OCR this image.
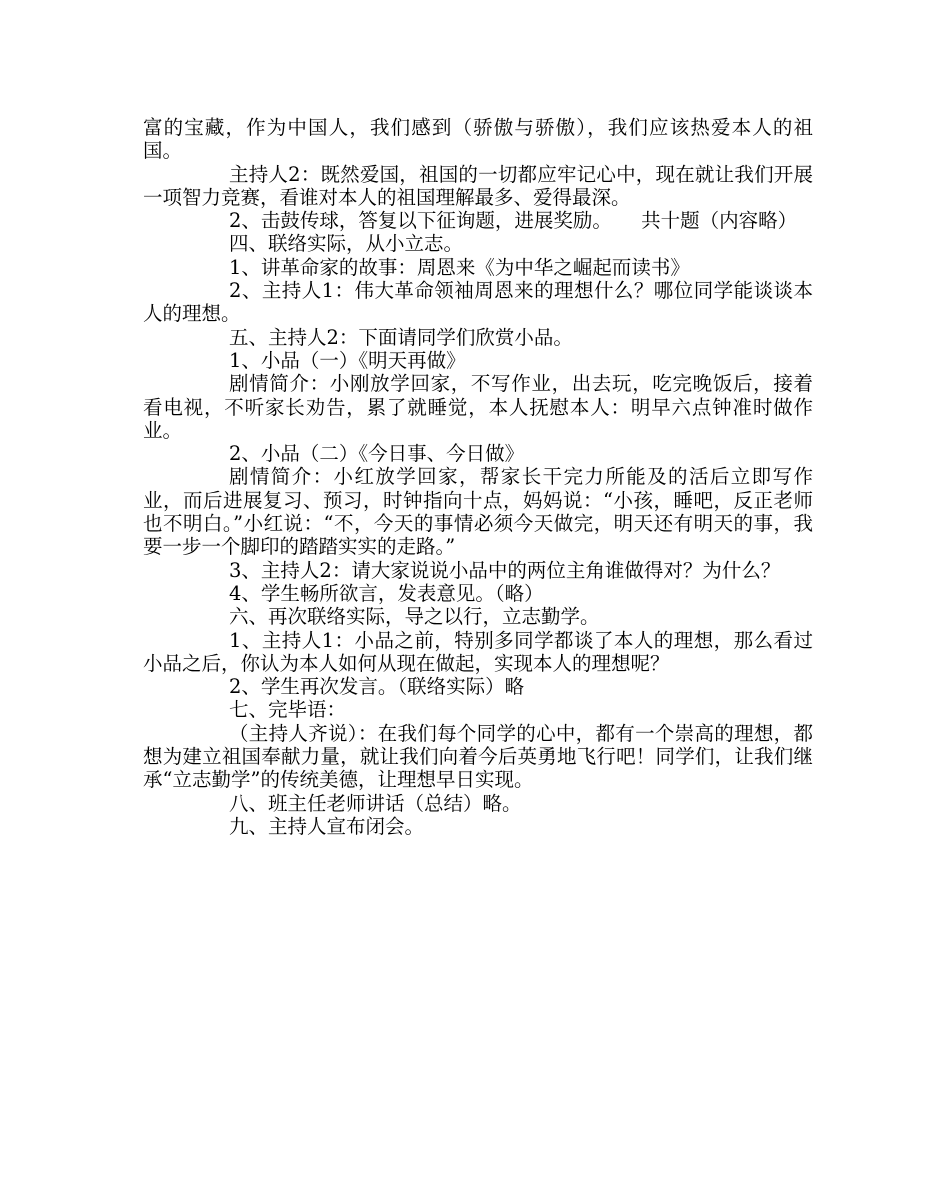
富的宝藏，作为中国人，我们感到（骄傲与骄傲），我们应该热爱本人的祖国。

主持人2：既然爱国，祖国的一切都应牢记心中，现在就让我们开展一项智力竞赛，看谁对本人的祖国理解最多、爱得最深。

2、击鼓传球，答复以下征询题，进展奖励。　　共十题（内容略）

四、联络实际，从小立志。

1、讲革命家的故事：周恩来《为中华之崛起而读书》

2、主持人1：伟大革命领袖周恩来的理想什么？哪位同学能谈谈本人的理想。

五、主持人2：下面请同学们欣赏小品。

1、小品（一）《明天再做》

剧情简介：小刚放学回家，不写作业，出去玩，吃完晚饭后，接着看电视，不听家长劝告，累了就睡觉，本人抚慰本人：明早六点钟准时做作业。

2、小品（二）《今日事、今日做》

剧情简介：小红放学回家，帮家长干完力所能及的活后立即写作业，而后进展复习、预习，时钟指向十点，妈妈说：“小孩，睡吧，反正老师也不明白。”小红说：“不，今天的事情必须今天做完，明天还有明天的事，我要一步一个脚印的踏踏实实的走路。”

3、主持人2：请大家说说小品中的两位主角谁做得对？为什么？

4、学生畅所欲言，发表意见。（略）

六、再次联络实际，导之以行，立志勤学。

1、主持人1：小品之前，特别多同学都谈了本人的理想，那么看过小品之后，你认为本人如何从现在做起，实现本人的理想呢？

2、学生再次发言。（联络实际）略

七、完毕语：

（主持人齐说）：在我们每个同学的心中，都有一个崇高的理想，都想为建立祖国奉献力量，就让我们向着今后英勇地飞行吧！同学们，让我们继承“立志勤学”的传统美德，让理想早日实现。

八、班主任老师讲话（总结）略。

九、主持人宣布闭会。
